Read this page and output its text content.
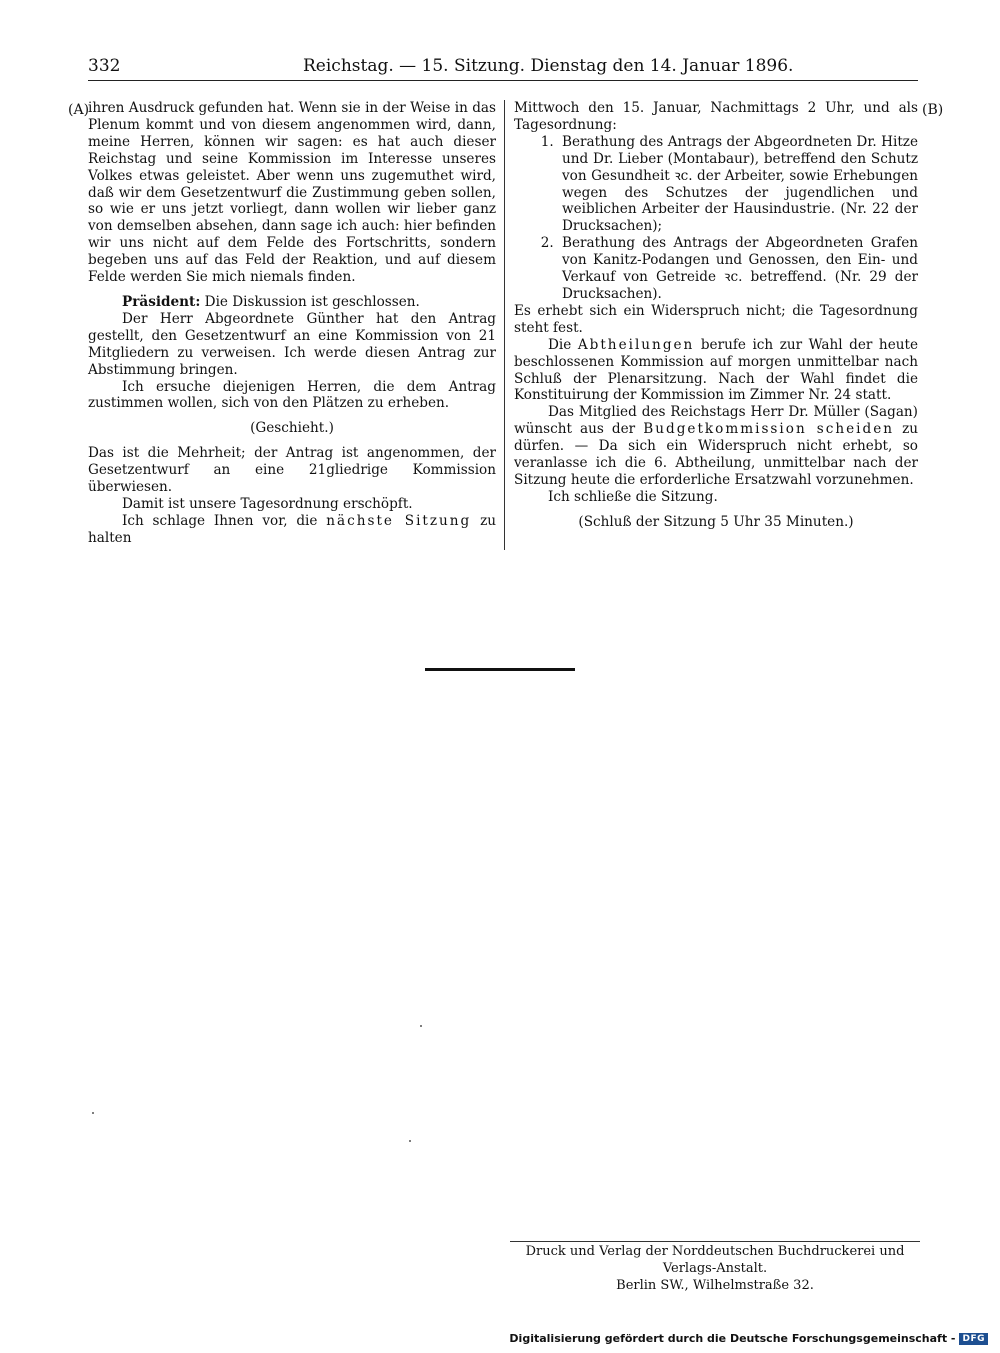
332	Reichstag. — 15. Sitzung. Dienstag den 14. Januar 1896.
(A)	(B)

ihren Ausdruck gefunden hat. Wenn sie in der Weise in das Plenum kommt und von diesem angenommen wird, dann, meine Herren, können wir sagen: es hat auch dieser Reichstag und seine Kommission im Interesse unseres Volkes etwas geleistet. Aber wenn uns zugemuthet wird, daß wir dem Gesetzentwurf die Zustimmung geben sollen, so wie er uns jetzt vorliegt, dann wollen wir lieber ganz von demselben absehen, dann sage ich auch: hier befinden wir uns nicht auf dem Felde des Fortschritts, sondern begeben uns auf das Feld der Reaktion, und auf diesem Felde werden Sie mich niemals finden.

Präsident: Die Diskussion ist geschlossen.

Der Herr Abgeordnete Günther hat den Antrag gestellt, den Gesetzentwurf an eine Kommission von 21 Mitgliedern zu verweisen. Ich werde diesen Antrag zur Abstimmung bringen.

Ich ersuche diejenigen Herren, die dem Antrag zustimmen wollen, sich von den Plätzen zu erheben.

(Geschieht.)

Das ist die Mehrheit; der Antrag ist angenommen, der Gesetzentwurf an eine 21gliedrige Kommission überwiesen.

Damit ist unsere Tagesordnung erschöpft.

Ich schlage Ihnen vor, die nächste Sitzung zu halten

Mittwoch den 15. Januar, Nachmittags 2 Uhr, und als Tagesordnung:

1. Berathung des Antrags der Abgeordneten Dr. Hitze und Dr. Lieber (Montabaur), betreffend den Schutz von Gesundheit ꝛc. der Arbeiter, sowie Erhebungen wegen des Schutzes der jugendlichen und weiblichen Arbeiter der Hausindustrie. (Nr. 22 der Drucksachen);
2. Berathung des Antrags der Abgeordneten Grafen von Kanitz-Podangen und Genossen, den Ein- und Verkauf von Getreide ꝛc. betreffend. (Nr. 29 der Drucksachen).

Es erhebt sich ein Widerspruch nicht; die Tagesordnung steht fest.

Die Abtheilungen berufe ich zur Wahl der heute beschlossenen Kommission auf morgen unmittelbar nach Schluß der Plenarsitzung. Nach der Wahl findet die Konstituirung der Kommission im Zimmer Nr. 24 statt.

Das Mitglied des Reichstags Herr Dr. Müller (Sagan) wünscht aus der Budgetkommission scheiden zu dürfen. — Da sich ein Widerspruch nicht erhebt, so veranlasse ich die 6. Abtheilung, unmittelbar nach der Sitzung heute die erforderliche Ersatzwahl vorzunehmen.

Ich schließe die Sitzung.

(Schluß der Sitzung 5 Uhr 35 Minuten.)

Druck und Verlag der Norddeutschen Buchdruckerei und Verlags-Anstalt.
Berlin SW., Wilhelmstraße 32.
Digitalisierung gefördert durch die Deutsche Forschungsgemeinschaft - DFG
